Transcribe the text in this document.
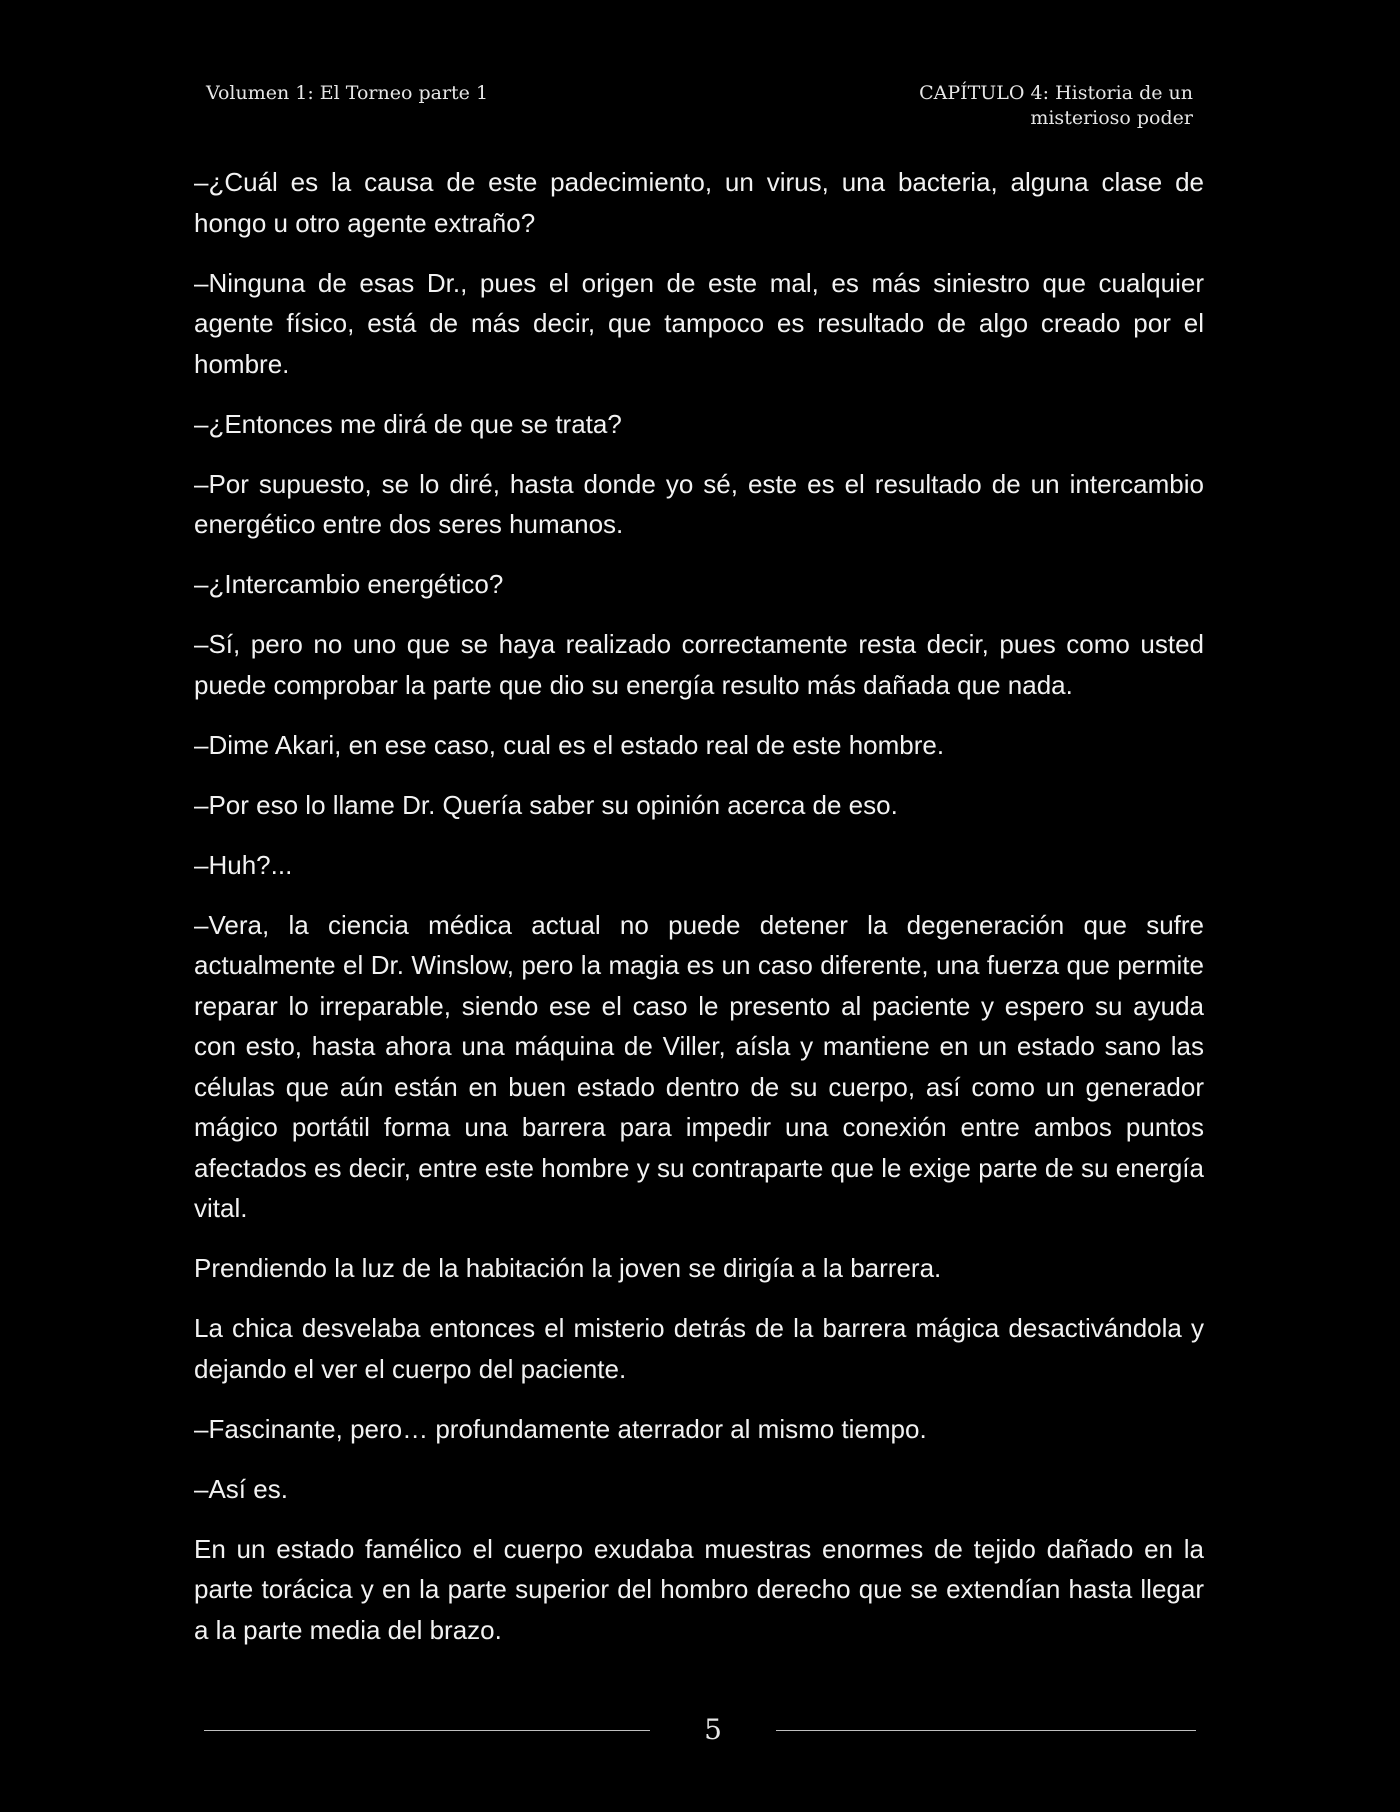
Volumen 1: El Torneo parte 1	CAPÍTULO 4: Historia de un misterioso poder

–¿Cuál es la causa de este padecimiento, un virus, una bacteria, alguna clase de hongo u otro agente extraño?

–Ninguna de esas Dr., pues el origen de este mal, es más siniestro que cualquier agente físico, está de más decir, que tampoco es resultado de algo creado por el hombre.

–¿Entonces me dirá de que se trata?

–Por supuesto, se lo diré, hasta donde yo sé, este es el resultado de un intercambio energético entre dos seres humanos.

–¿Intercambio energético?

–Sí, pero no uno que se haya realizado correctamente resta decir, pues como usted puede comprobar la parte que dio su energía resulto más dañada que nada.

–Dime Akari, en ese caso, cual es el estado real de este hombre.

–Por eso lo llame Dr. Quería saber su opinión acerca de eso.

–Huh?...

–Vera, la ciencia médica actual no puede detener la degeneración que sufre actualmente el Dr. Winslow, pero la magia es un caso diferente, una fuerza que permite reparar lo irreparable, siendo ese el caso le presento al paciente y espero su ayuda con esto, hasta ahora una máquina de Viller, aísla y mantiene en un estado sano las células que aún están en buen estado dentro de su cuerpo, así como un generador mágico portátil forma una barrera para impedir una conexión entre ambos puntos afectados es decir, entre este hombre y su contraparte que le exige parte de su energía vital.

Prendiendo la luz de la habitación la joven se dirigía a la barrera.

La chica desvelaba entonces el misterio detrás de la barrera mágica desactivándola y dejando el ver el cuerpo del paciente.

–Fascinante, pero… profundamente aterrador al mismo tiempo.

–Así es.

En un estado famélico el cuerpo exudaba muestras enormes de tejido dañado en la parte torácica y en la parte superior del hombro derecho que se extendían hasta llegar a la parte media del brazo.

5
